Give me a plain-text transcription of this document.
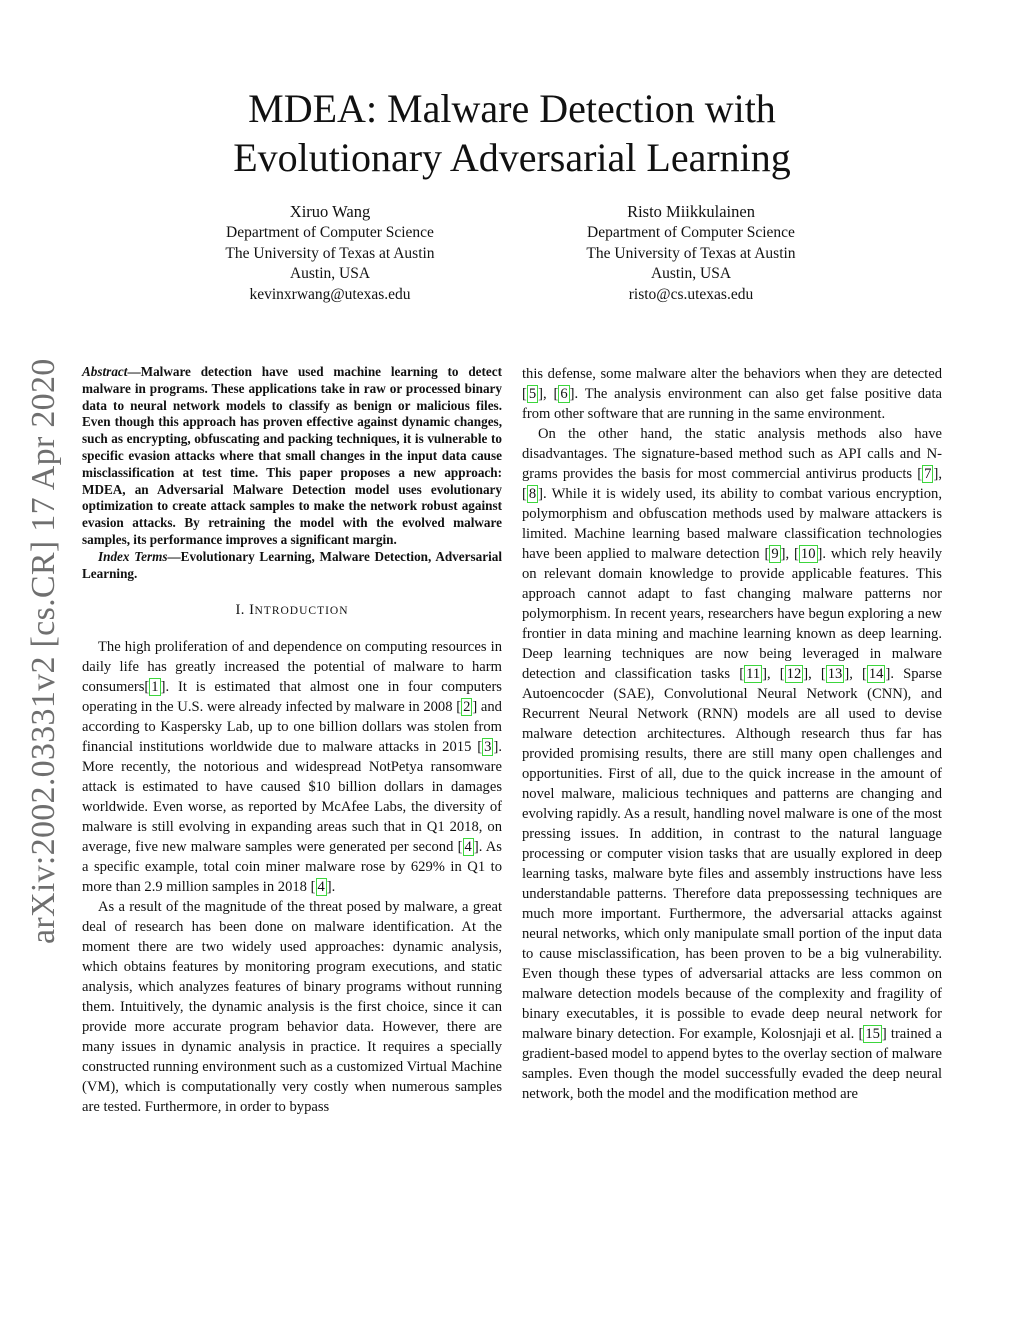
MDEA: Malware Detection with
Evolutionary Adversarial Learning
Xiruo Wang
Department of Computer Science
The University of Texas at Austin
Austin, USA
kevinxrwang@utexas.edu
Risto Miikkulainen
Department of Computer Science
The University of Texas at Austin
Austin, USA
risto@cs.utexas.edu
arXiv:2002.03331v2 [cs.CR] 17 Apr 2020	Abstract—Malware detection have used machine learning to detect malware in programs. These applications take in raw or processed binary data to neural network models to classify as benign or malicious files. Even though this approach has proven effective against dynamic changes, such as encrypting, obfuscating and packing techniques, it is vulnerable to specific evasion attacks where that small changes in the input data cause misclassification at test time. This paper proposes a new approach: MDEA, an Adversarial Malware Detection model uses evolutionary optimization to create attack samples to make the network robust against evasion attacks. By retraining the model with the evolved malware samples, its performance improves a significant margin.

Index Terms—Evolutionary Learning, Malware Detection, Adversarial Learning.

I. INTRODUCTION

The high proliferation of and dependence on computing resources in daily life has greatly increased the potential of malware to harm consumers[ 1 ]. It is estimated that almost one in four computers operating in the U.S. were already infected by malware in 2008 [ 2 ] and according to Kaspersky Lab, up to one billion dollars was stolen from financial institutions worldwide due to malware attacks in 2015 [ 3 ]. More recently, the notorious and widespread NotPetya ransomware attack is estimated to have caused $10 billion dollars in damages worldwide. Even worse, as reported by McAfee Labs, the diversity of malware is still evolving in expanding areas such that in Q1 2018, on average, five new malware samples were generated per second [ 4 ]. As a specific example, total coin miner malware rose by 629% in Q1 to more than 2.9 million samples in 2018 [ 4 ].

As a result of the magnitude of the threat posed by malware, a great deal of research has been done on malware identification. At the moment there are two widely used approaches: dynamic analysis, which obtains features by monitoring program executions, and static analysis, which analyzes features of binary programs without running them. Intuitively, the dynamic analysis is the first choice, since it can provide more accurate program behavior data. However, there are many issues in dynamic analysis in practice. It requires a specially constructed running environment such as a customized Virtual Machine (VM), which is computationally very costly when numerous samples are tested. Furthermore, in order to bypass

this defense, some malware alter the behaviors when they are detected [ 5 ], [ 6 ]. The analysis environment can also get false positive data from other software that are running in the same environment.

On the other hand, the static analysis methods also have disadvantages. The signature-based method such as API calls and N-grams provides the basis for most commercial antivirus products [ 7 ], [ 8 ]. While it is widely used, its ability to combat various encryption, polymorphism and obfuscation methods used by malware attackers is limited. Machine learning based malware classification technologies have been applied to malware detection [ 9 ], [ 10 ]. which rely heavily on relevant domain knowledge to provide applicable features. This approach cannot adapt to fast changing malware patterns nor polymorphism. In recent years, researchers have begun exploring a new frontier in data mining and machine learning known as deep learning. Deep learning techniques are now being leveraged in malware detection and classification tasks [ 11 ], [ 12 ], [ 13 ], [ 14 ]. Sparse Autoencocder (SAE), Convolutional Neural Network (CNN), and Recurrent Neural Network (RNN) models are all used to devise malware detection architectures. Although research thus far has provided promising results, there are still many open challenges and opportunities. First of all, due to the quick increase in the amount of novel malware, malicious techniques and patterns are changing and evolving rapidly. As a result, handling novel malware is one of the most pressing issues. In addition, in contrast to the natural language processing or computer vision tasks that are usually explored in deep learning tasks, malware byte files and assembly instructions have less understandable patterns. Therefore data prepossessing techniques are much more important. Furthermore, the adversarial attacks against neural networks, which only manipulate small portion of the input data to cause misclassification, has been proven to be a big vulnerability. Even though these types of adversarial attacks are less common on malware detection models because of the complexity and fragility of binary executables, it is possible to evade deep neural network for malware binary detection. For example, Kolosnjaji et al. [ 15 ] trained a gradient-based model to append bytes to the overlay section of malware samples. Even though the model successfully evaded the deep neural network, both the model and the modification method are
